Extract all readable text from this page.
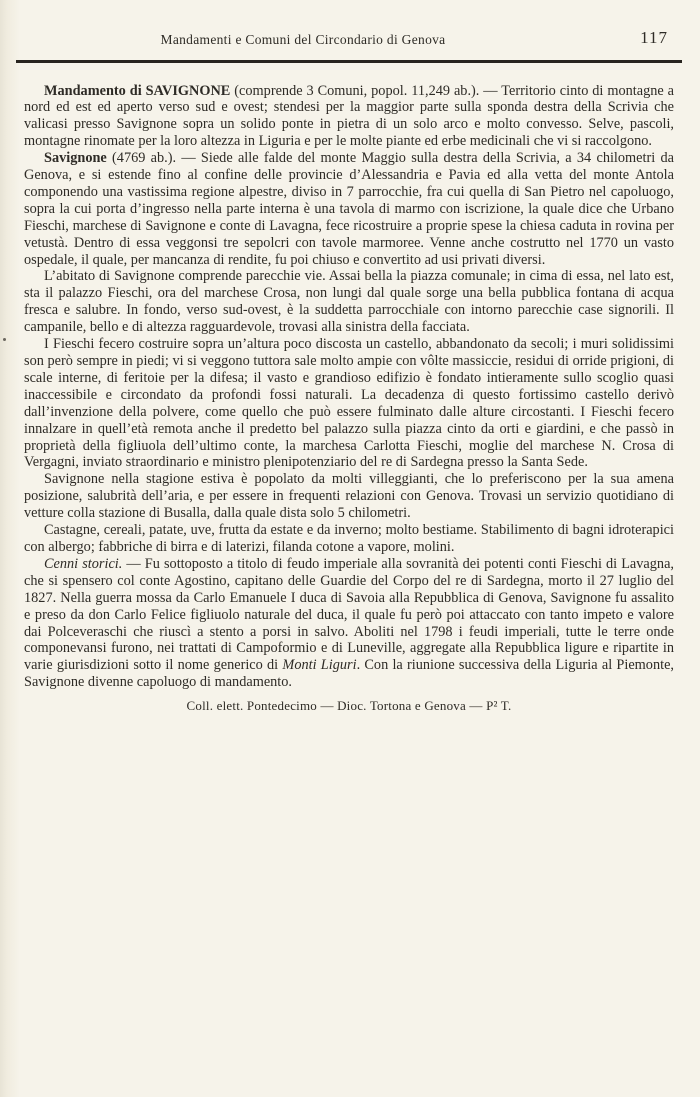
Mandamenti e Comuni del Circondario di Genova	117

Mandamento di SAVIGNONE (comprende 3 Comuni, popol. 11,249 ab.). — Territorio cinto di montagne a nord ed est ed aperto verso sud e ovest; stendesi per la maggior parte sulla sponda destra della Scrivia che valicasi presso Savignone sopra un solido ponte in pietra di un solo arco e molto convesso. Selve, pascoli, montagne rinomate per la loro altezza in Liguria e per le molte piante ed erbe medicinali che vi si raccolgono.

Savignone (4769 ab.). — Siede alle falde del monte Maggio sulla destra della Scrivia, a 34 chilometri da Genova, e si estende fino al confine delle provincie d’Alessandria e Pavia ed alla vetta del monte Antola componendo una vastissima regione alpestre, diviso in 7 parrocchie, fra cui quella di San Pietro nel capoluogo, sopra la cui porta d’ingresso nella parte interna è una tavola di marmo con iscrizione, la quale dice che Urbano Fieschi, marchese di Savignone e conte di Lavagna, fece ricostruire a proprie spese la chiesa caduta in rovina per vetustà. Dentro di essa veggonsi tre sepolcri con tavole marmoree. Venne anche costrutto nel 1770 un vasto ospedale, il quale, per mancanza di rendite, fu poi chiuso e convertito ad usi privati diversi.

L’abitato di Savignone comprende parecchie vie. Assai bella la piazza comunale; in cima di essa, nel lato est, sta il palazzo Fieschi, ora del marchese Crosa, non lungi dal quale sorge una bella pubblica fontana di acqua fresca e salubre. In fondo, verso sud-ovest, è la suddetta parrocchiale con intorno parecchie case signorili. Il campanile, bello e di altezza ragguardevole, trovasi alla sinistra della facciata.

I Fieschi fecero costruire sopra un’altura poco discosta un castello, abbandonato da secoli; i muri solidissimi son però sempre in piedi; vi si veggono tuttora sale molto ampie con vôlte massiccie, residui di orride prigioni, di scale interne, di feritoie per la difesa; il vasto e grandioso edifizio è fondato intieramente sullo scoglio quasi inaccessibile e circondato da profondi fossi naturali. La decadenza di questo fortissimo castello derivò dall’invenzione della polvere, come quello che può essere fulminato dalle alture circostanti. I Fieschi fecero innalzare in quell’età remota anche il predetto bel palazzo sulla piazza cinto da orti e giardini, e che passò in proprietà della figliuola dell’ultimo conte, la marchesa Carlotta Fieschi, moglie del marchese N. Crosa di Vergagni, inviato straordinario e ministro plenipotenziario del re di Sardegna presso la Santa Sede.

Savignone nella stagione estiva è popolato da molti villeggianti, che lo preferiscono per la sua amena posizione, salubrità dell’aria, e per essere in frequenti relazioni con Genova. Trovasi un servizio quotidiano di vetture colla stazione di Busalla, dalla quale dista solo 5 chilometri.

Castagne, cereali, patate, uve, frutta da estate e da inverno; molto bestiame. Stabilimento di bagni idroterapici con albergo; fabbriche di birra e di laterizi, filanda cotone a vapore, molini.

Cenni storici. — Fu sottoposto a titolo di feudo imperiale alla sovranità dei potenti conti Fieschi di Lavagna, che si spensero col conte Agostino, capitano delle Guardie del Corpo del re di Sardegna, morto il 27 luglio del 1827. Nella guerra mossa da Carlo Emanuele I duca di Savoia alla Repubblica di Genova, Savignone fu assalito e preso da don Carlo Felice figliuolo naturale del duca, il quale fu però poi attaccato con tanto impeto e valore dai Polceveraschi che riuscì a stento a porsi in salvo. Aboliti nel 1798 i feudi imperiali, tutte le terre onde componevansi furono, nei trattati di Campoformio e di Luneville, aggregate alla Repubblica ligure e ripartite in varie giurisdizioni sotto il nome generico di Monti Liguri. Con la riunione successiva della Liguria al Piemonte, Savignone divenne capoluogo di mandamento.

Coll. elett. Pontedecimo — Dioc. Tortona e Genova — P² T.
